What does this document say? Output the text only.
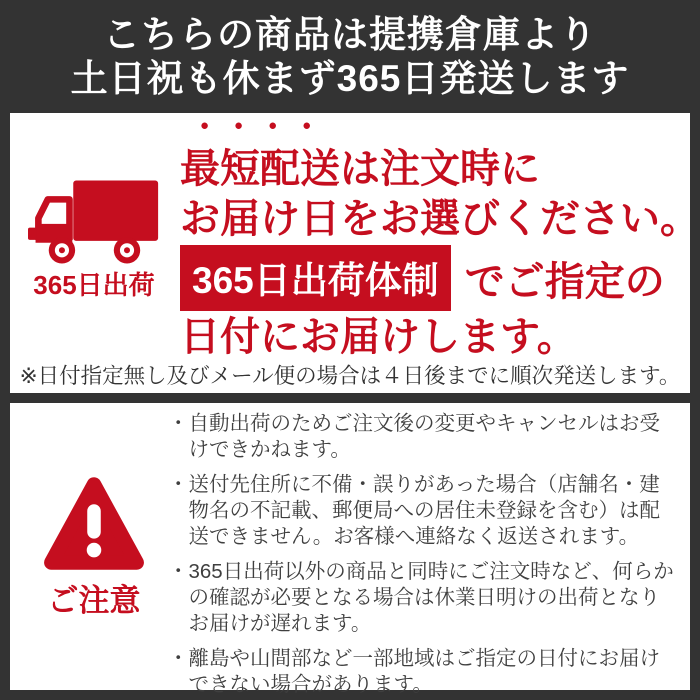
こちらの商品は提携倉庫より
土日祝も休まず365日発送します
365日出荷
●●●●
最短配送は注文時に
お届け日をお選びください。
365日出荷体制 でご指定の
日付にお届けします。
※日付指定無し及びメール便の場合は４日後までに順次発送します。
ご注意
・自動出荷のためご注文後の変更やキャンセルはお受けできかねます。
・送付先住所に不備・誤りがあった場合（店舗名・建物名の不記載、郵便局への居住未登録を含む）は配送できません。お客様へ連絡なく返送されます。
・365日出荷以外の商品と同時にご注文時など、何らかの確認が必要となる場合は休業日明けの出荷となりお届けが遅れます。
・離島や山間部など一部地域はご指定の日付にお届けできない場合があります。
